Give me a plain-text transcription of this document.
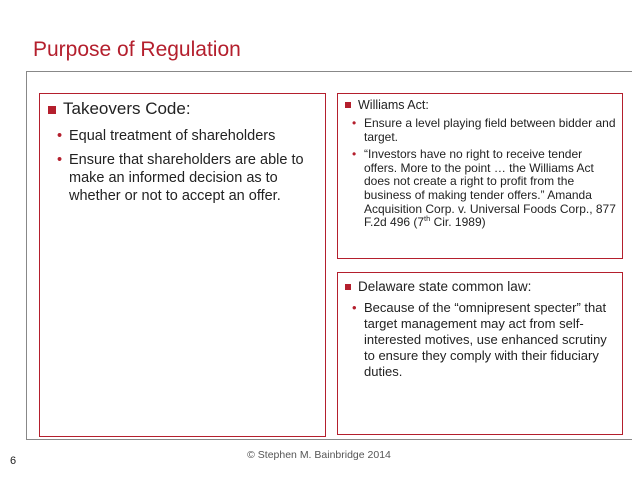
Purpose of Regulation
Takeovers Code:
• Equal treatment of shareholders
• Ensure that shareholders are able to make an informed decision as to whether or not to accept an offer.
Williams Act:
• Ensure a level playing field between bidder and target.
• “Investors have no right to receive tender offers. More to the point … the Williams Act does not create a right to profit from the business of making tender offers.” Amanda Acquisition Corp. v. Universal Foods Corp., 877 F.2d 496 (7th Cir. 1989)
Delaware state common law:
• Because of the “omnipresent specter” that target management may act from self-interested motives, use enhanced scrutiny to ensure they comply with their fiduciary duties.
© Stephen M. Bainbridge 2014
6
